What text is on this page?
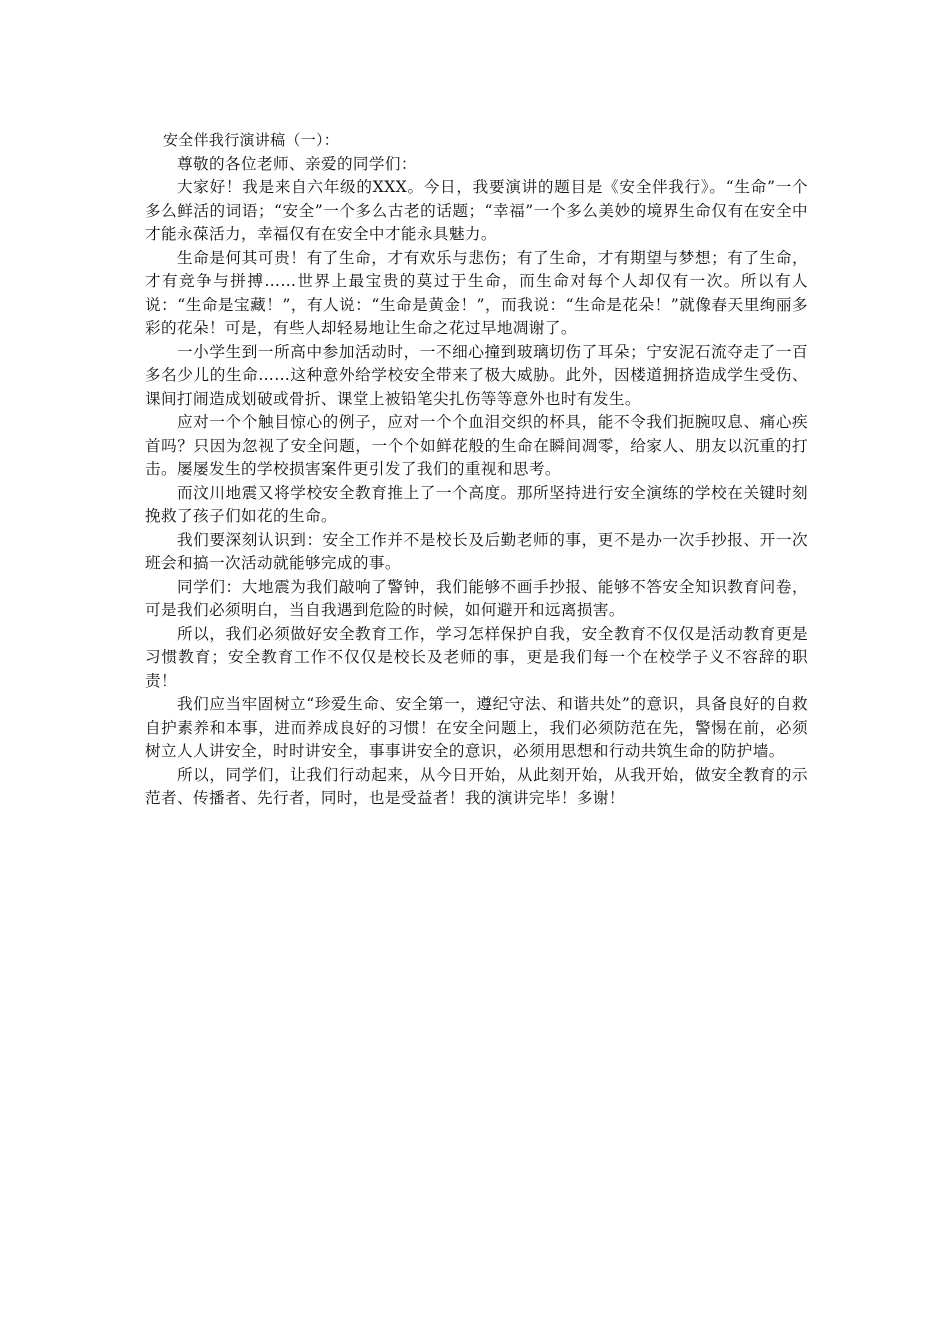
安全伴我行演讲稿（一）：

尊敬的各位老师、亲爱的同学们：

大家好！我是来自六年级的XXX。今日，我要演讲的题目是《安全伴我行》。“生命”一个多么鲜活的词语；“安全”一个多么古老的话题；“幸福”一个多么美妙的境界生命仅有在安全中才能永葆活力，幸福仅有在安全中才能永具魅力。

生命是何其可贵！有了生命，才有欢乐与悲伤；有了生命，才有期望与梦想；有了生命，才有竞争与拼搏……世界上最宝贵的莫过于生命，而生命对每个人却仅有一次。所以有人说：“生命是宝藏！”，有人说：“生命是黄金！”，而我说：“生命是花朵！”就像春天里绚丽多彩的花朵！可是，有些人却轻易地让生命之花过早地凋谢了。

一小学生到一所高中参加活动时，一不细心撞到玻璃切伤了耳朵；宁安泥石流夺走了一百多名少儿的生命……这种意外给学校安全带来了极大威胁。此外，因楼道拥挤造成学生受伤、课间打闹造成划破或骨折、课堂上被铅笔尖扎伤等等意外也时有发生。

应对一个个触目惊心的例子，应对一个个血泪交织的杯具，能不令我们扼腕叹息、痛心疾首吗？只因为忽视了安全问题，一个个如鲜花般的生命在瞬间凋零，给家人、朋友以沉重的打击。屡屡发生的学校损害案件更引发了我们的重视和思考。

而汶川地震又将学校安全教育推上了一个高度。那所坚持进行安全演练的学校在关键时刻挽救了孩子们如花的生命。

我们要深刻认识到：安全工作并不是校长及后勤老师的事，更不是办一次手抄报、开一次班会和搞一次活动就能够完成的事。

同学们：大地震为我们敲响了警钟，我们能够不画手抄报、能够不答安全知识教育问卷，可是我们必须明白，当自我遇到危险的时候，如何避开和远离损害。

所以，我们必须做好安全教育工作，学习怎样保护自我，安全教育不仅仅是活动教育更是习惯教育；安全教育工作不仅仅是校长及老师的事，更是我们每一个在校学子义不容辞的职责！

我们应当牢固树立“珍爱生命、安全第一，遵纪守法、和谐共处”的意识，具备良好的自救自护素养和本事，进而养成良好的习惯！在安全问题上，我们必须防范在先，警惕在前，必须树立人人讲安全，时时讲安全，事事讲安全的意识，必须用思想和行动共筑生命的防护墙。

所以，同学们，让我们行动起来，从今日开始，从此刻开始，从我开始，做安全教育的示范者、传播者、先行者，同时，也是受益者！我的演讲完毕！多谢！
